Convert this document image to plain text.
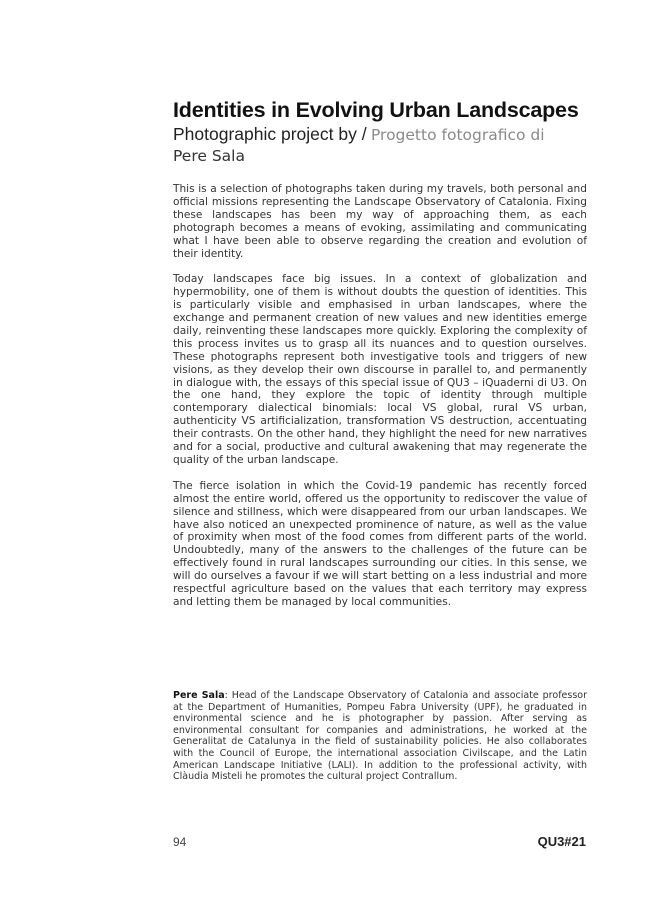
Identities in Evolving Urban Landscapes
Photographic project by / Progetto fotografico di
Pere Sala

This is a selection of photographs taken during my travels, both personal and official missions representing the Landscape Observatory of Catalonia. Fixing these landscapes has been my way of approaching them, as each photograph becomes a means of evoking, assimilating and communicating what I have been able to observe regarding the creation and evolution of their identity.

Today landscapes face big issues. In a context of globalization and hypermobility, one of them is without doubts the question of identities. This is particularly visible and emphasised in urban landscapes, where the exchange and permanent creation of new values and new identities emerge daily, reinventing these landscapes more quickly. Exploring the complexity of this process invites us to grasp all its nuances and to question ourselves. These photographs represent both investigative tools and triggers of new visions, as they develop their own discourse in parallel to, and permanently in dialogue with, the essays of this special issue of QU3 – iQuaderni di U3. On the one hand, they explore the topic of identity through multiple contemporary dialectical binomials: local VS global, rural VS urban, authenticity VS artificialization, transformation VS destruction, accentuating their contrasts. On the other hand, they highlight the need for new narratives and for a social, productive and cultural awakening that may regenerate the quality of the urban landscape.

The fierce isolation in which the Covid-19 pandemic has recently forced almost the entire world, offered us the opportunity to rediscover the value of silence and stillness, which were disappeared from our urban landscapes. We have also noticed an unexpected prominence of nature, as well as the value of proximity when most of the food comes from different parts of the world. Undoubtedly, many of the answers to the challenges of the future can be effectively found in rural landscapes surrounding our cities. In this sense, we will do ourselves a favour if we will start betting on a less industrial and more respectful agriculture based on the values that each territory may express and letting them be managed by local communities.

Pere Sala: Head of the Landscape Observatory of Catalonia and associate professor at the Department of Humanities, Pompeu Fabra University (UPF), he graduated in environmental science and he is photographer by passion. After serving as environmental consultant for companies and administrations, he worked at the Generalitat de Catalunya in the field of sustainability policies. He also collaborates with the Council of Europe, the international association Civilscape, and the Latin American Landscape Initiative (LALI). In addition to the professional activity, with Clàudia Misteli he promotes the cultural project Contrallum.

94	QU3#21
